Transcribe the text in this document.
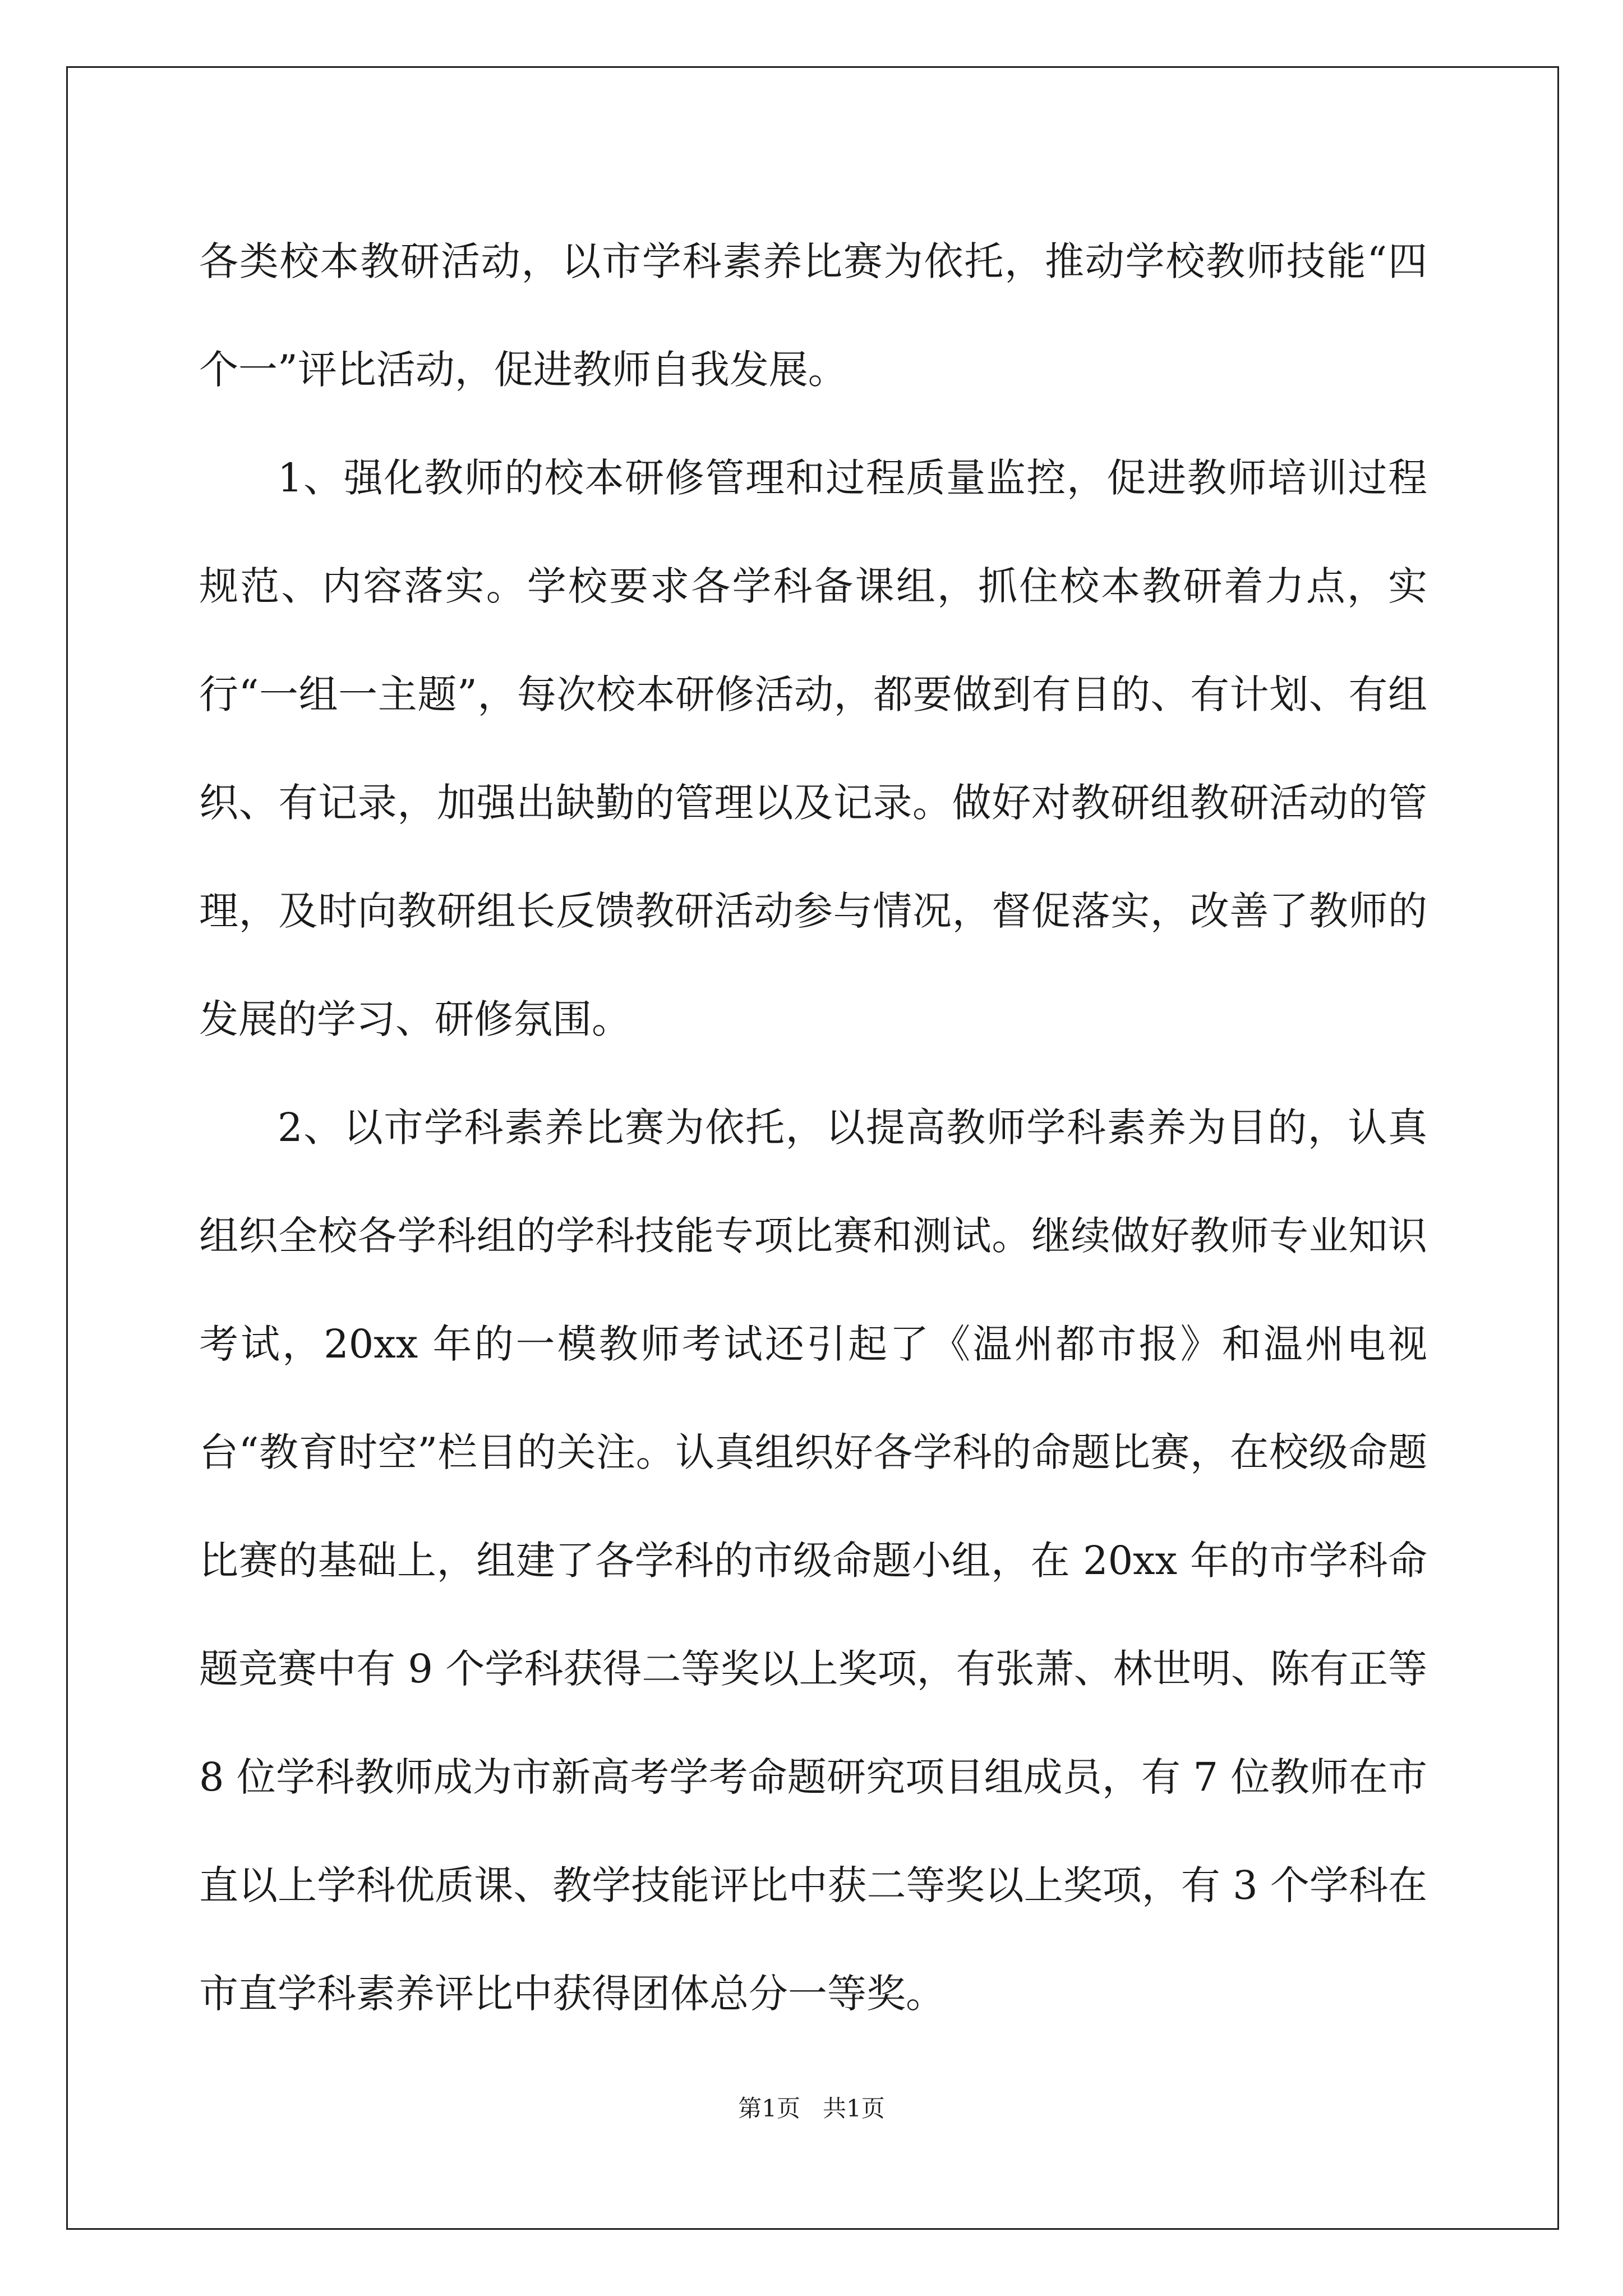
各类校本教研活动，以市学科素养比赛为依托，推动学校教师技能“四个一”评比活动，促进教师自我发展。

1、强化教师的校本研修管理和过程质量监控，促进教师培训过程规范、内容落实。学校要求各学科备课组，抓住校本教研着力点，实行“一组一主题”，每次校本研修活动，都要做到有目的、有计划、有组织、有记录，加强出缺勤的管理以及记录。做好对教研组教研活动的管理，及时向教研组长反馈教研活动参与情况，督促落实，改善了教师的发展的学习、研修氛围。

2、以市学科素养比赛为依托，以提高教师学科素养为目的，认真组织全校各学科组的学科技能专项比赛和测试。继续做好教师专业知识考试，20xx 年的一模教师考试还引起了《温州都市报》和温州电视台“教育时空”栏目的关注。认真组织好各学科的命题比赛，在校级命题比赛的基础上，组建了各学科的市级命题小组，在 20xx 年的市学科命题竞赛中有 9 个学科获得二等奖以上奖项，有张萧、林世明、陈有正等 8 位学科教师成为市新高考学考命题研究项目组成员，有 7 位教师在市直以上学科优质课、教学技能评比中获二等奖以上奖项，有 3 个学科在市直学科素养评比中获得团体总分一等奖。

第1页   共1页
